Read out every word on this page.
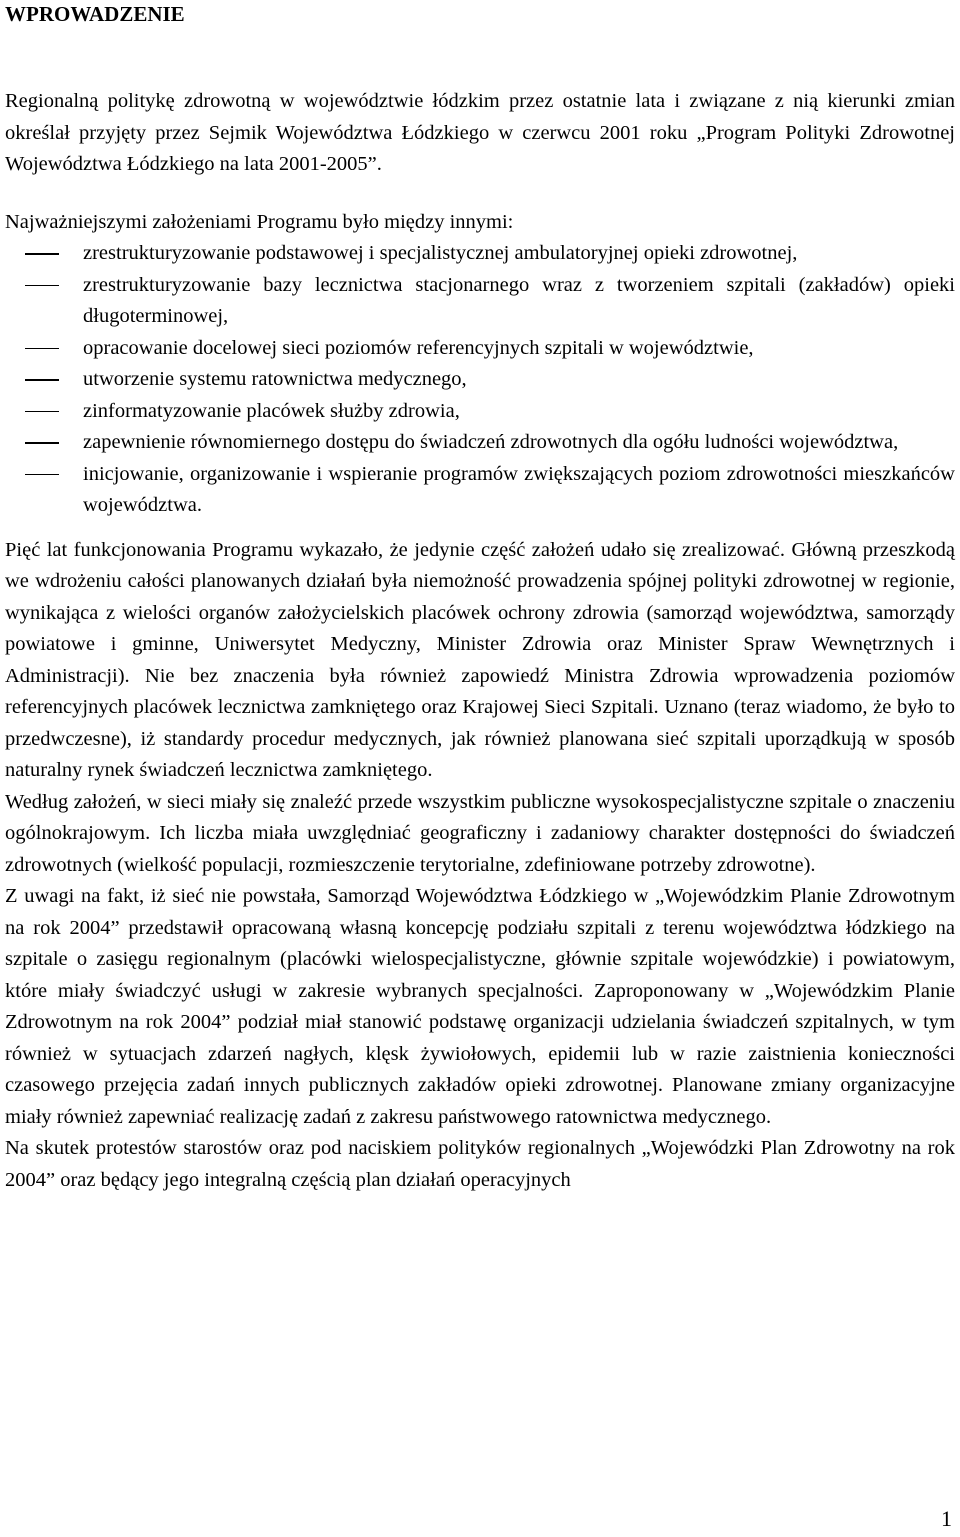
WPROWADZENIE

Regionalną politykę zdrowotną w województwie łódzkim przez ostatnie lata i związane z nią kierunki zmian określał przyjęty przez Sejmik Województwa Łódzkiego w czerwcu 2001 roku „Program Polityki Zdrowotnej Województwa Łódzkiego na lata 2001-2005”.

Najważniejszymi założeniami Programu było między innymi:

zrestrukturyzowanie podstawowej i specjalistycznej ambulatoryjnej opieki zdrowotnej,
zrestrukturyzowanie bazy lecznictwa stacjonarnego wraz z tworzeniem szpitali (zakładów) opieki długoterminowej,
opracowanie docelowej sieci poziomów referencyjnych szpitali w województwie,
utworzenie systemu ratownictwa medycznego,
zinformatyzowanie placówek służby zdrowia,
zapewnienie równomiernego dostępu do świadczeń zdrowotnych dla ogółu ludności województwa,
inicjowanie, organizowanie i wspieranie programów zwiększających poziom zdrowotności mieszkańców województwa.

Pięć lat funkcjonowania Programu wykazało, że jedynie część założeń udało się zrealizować. Główną przeszkodą we wdrożeniu całości planowanych działań była niemożność prowadzenia spójnej polityki zdrowotnej w regionie, wynikająca z wielości organów założycielskich placówek ochrony zdrowia (samorząd województwa, samorządy powiatowe i gminne, Uniwersytet Medyczny, Minister Zdrowia oraz Minister Spraw Wewnętrznych i Administracji). Nie bez znaczenia była również zapowiedź Ministra Zdrowia wprowadzenia poziomów referencyjnych placówek lecznictwa zamkniętego oraz Krajowej Sieci Szpitali. Uznano (teraz wiadomo, że było to przedwczesne), iż standardy procedur medycznych, jak również planowana sieć szpitali uporządkują w sposób naturalny rynek świadczeń lecznictwa zamkniętego.

Według założeń, w sieci miały się znaleźć przede wszystkim publiczne wysokospecjalistyczne szpitale o znaczeniu ogólnokrajowym. Ich liczba miała uwzględniać geograficzny i zadaniowy charakter dostępności do świadczeń zdrowotnych (wielkość populacji, rozmieszczenie terytorialne, zdefiniowane potrzeby zdrowotne).

Z uwagi na fakt, iż sieć nie powstała, Samorząd Województwa Łódzkiego w „Wojewódzkim Planie Zdrowotnym na rok 2004” przedstawił opracowaną własną koncepcję podziału szpitali z terenu województwa łódzkiego na szpitale o zasięgu regionalnym (placówki wielospecjalistyczne, głównie szpitale wojewódzkie) i powiatowym, które miały świadczyć usługi w zakresie wybranych specjalności. Zaproponowany w „Wojewódzkim Planie Zdrowotnym na rok 2004” podział miał stanowić podstawę organizacji udzielania świadczeń szpitalnych, w tym również w sytuacjach zdarzeń nagłych, klęsk żywiołowych, epidemii lub w razie zaistnienia konieczności czasowego przejęcia zadań innych publicznych zakładów opieki zdrowotnej. Planowane zmiany organizacyjne miały również zapewniać realizację zadań z zakresu państwowego ratownictwa medycznego.

Na skutek protestów starostów oraz pod naciskiem polityków regionalnych „Wojewódzki Plan Zdrowotny na rok 2004” oraz będący jego integralną częścią plan działań operacyjnych

1
